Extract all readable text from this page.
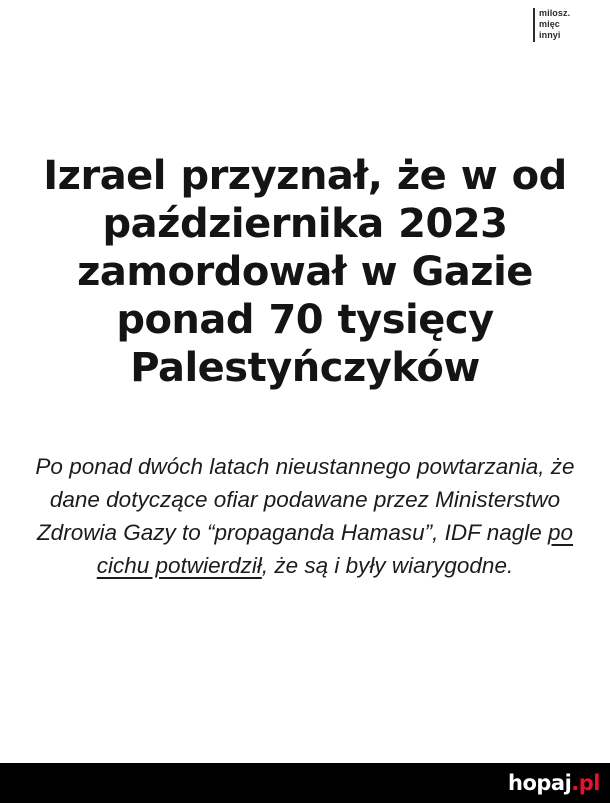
milosz.
mięc
innyi
Izrael przyznał, że w od października 2023 zamordował w Gazie ponad 70 tysięcy Palestyńczyków
Po ponad dwóch latach nieustannego powtarzania, że dane dotyczące ofiar podawane przez Ministerstwo Zdrowia Gazy to “propaganda Hamasu”, IDF nagle po cichu potwierdził, że są i były wiarygodne.
hopaj .pl
